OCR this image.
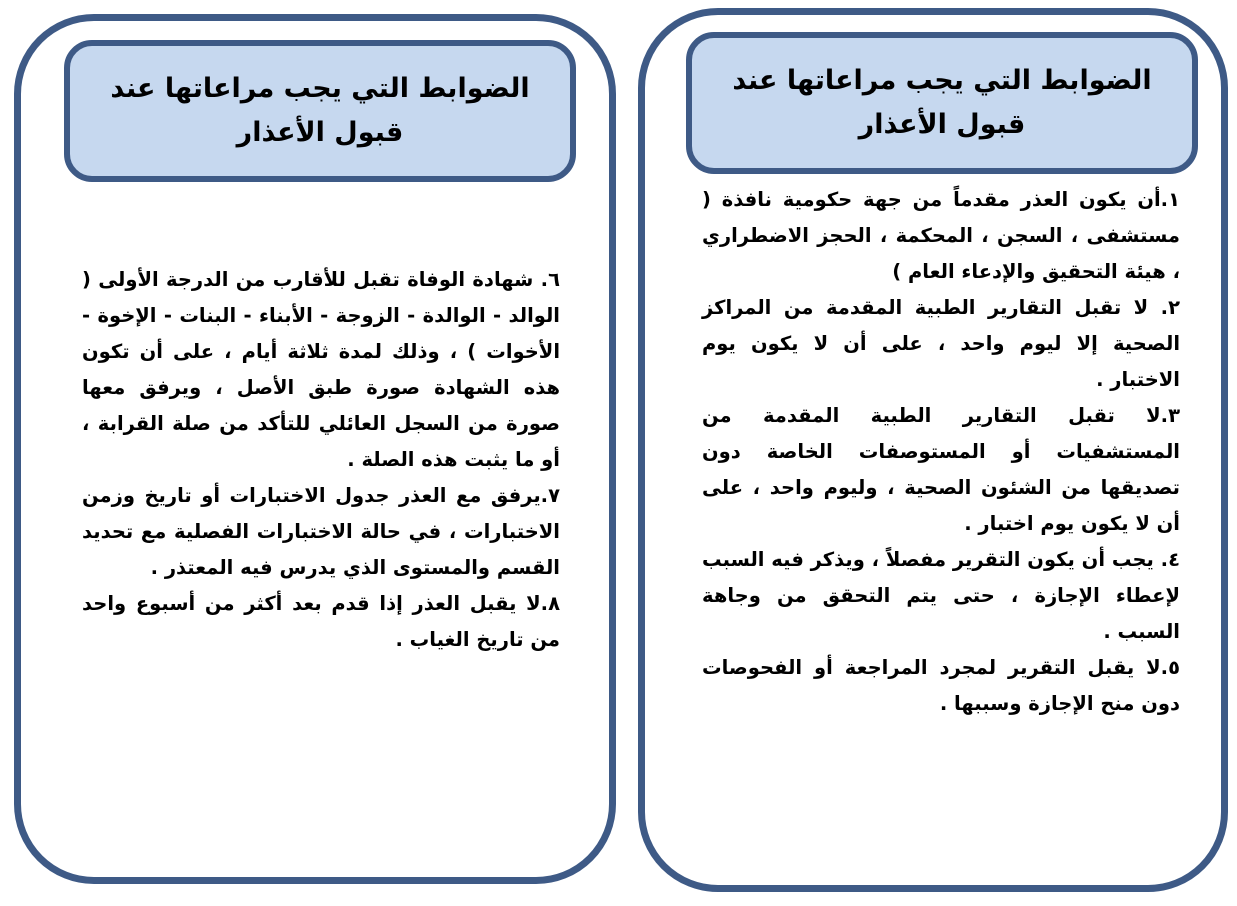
الضوابط التي يجب مراعاتها عند
قبول الأعذار
الضوابط التي يجب مراعاتها عند
قبول الأعذار

٦. شهادة الوفاة تقبل للأقارب من الدرجة الأولى ( الوالد - الوالدة - الزوجة - الأبناء - البنات - الإخوة - الأخوات ) ، وذلك لمدة ثلاثة أيام ، على أن تكون هذه الشهادة صورة طبق الأصل ، ويرفق معها صورة من السجل العائلي للتأكد من صلة القرابة ، أو ما يثبت هذه الصلة .

٧.يرفق مع العذر جدول الاختبارات أو تاريخ وزمن الاختبارات ، في حالة الاختبارات الفصلية مع تحديد القسم والمستوى الذي يدرس فيه المعتذر .

٨.لا يقبل العذر إذا قدم بعد أكثر من أسبوع واحد من تاريخ الغياب .

١.أن يكون العذر مقدماً من جهة حكومية نافذة ( مستشفى ، السجن ، المحكمة ، الحجز الاضطراري ، هيئة التحقيق والإدعاء العام )

٢. لا تقبل التقارير الطبية المقدمة من المراكز الصحية إلا ليوم واحد ، على أن لا يكون يوم الاختبار .

٣.لا تقبل التقارير الطبية المقدمة من المستشفيات أو المستوصفات الخاصة دون تصديقها من الشئون الصحية ، وليوم واحد ، على أن لا يكون يوم اختبار .

٤. يجب أن يكون التقرير مفصلاً ، ويذكر فيه السبب لإعطاء الإجازة ، حتى يتم التحقق من وجاهة السبب .

٥.لا يقبل التقرير لمجرد المراجعة أو الفحوصات دون منح الإجازة وسببها .
